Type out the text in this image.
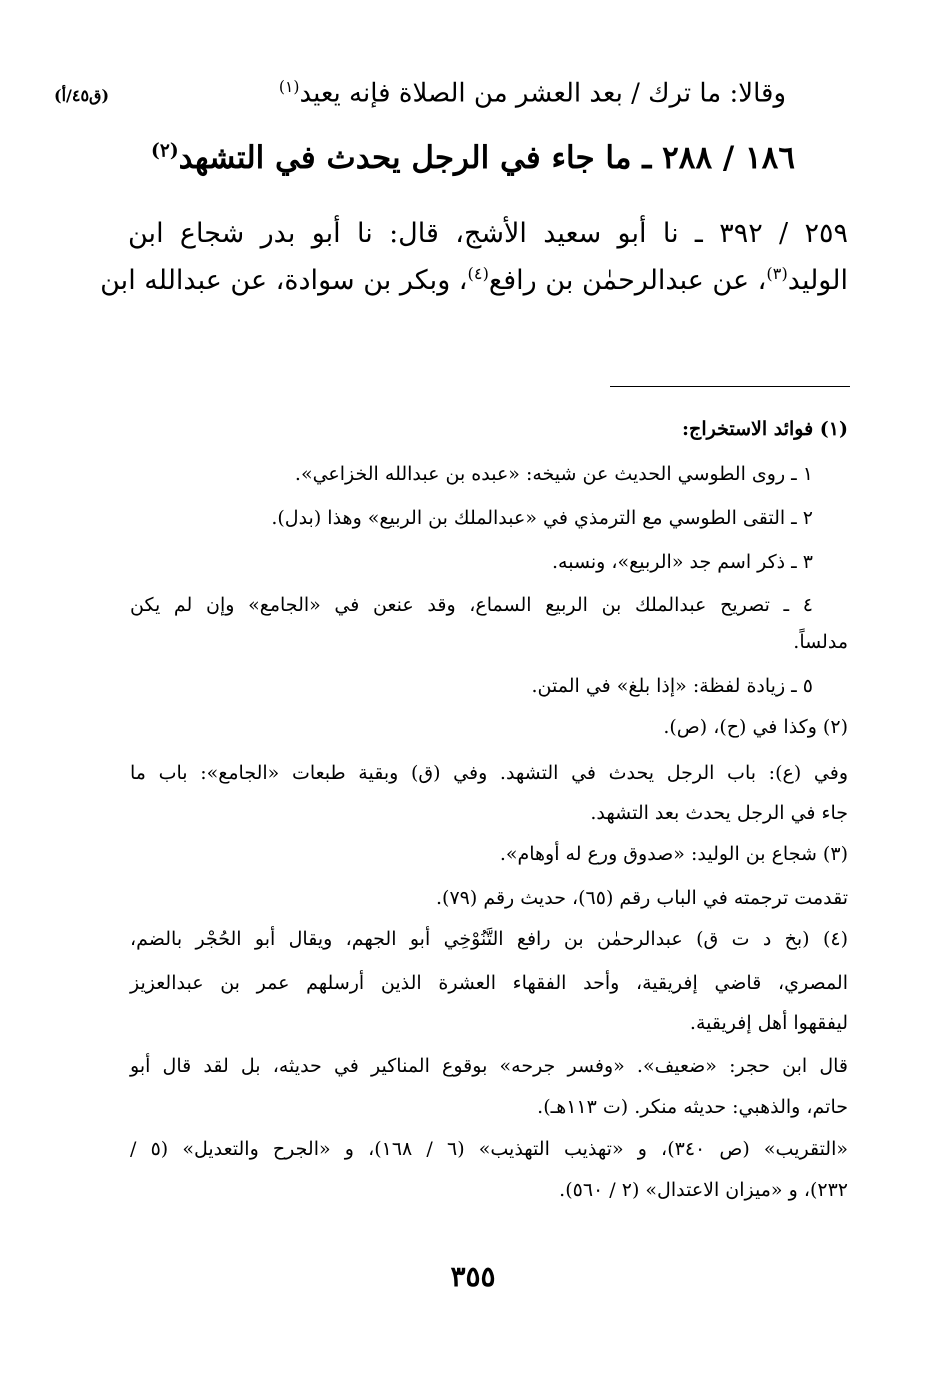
(ق٤٥/أ)	وقالا: ما ترك / بعد العشر من الصلاة فإنه يعيد$^{(١)}$
١٨٦ / ٢٨٨ ـ ما جاء في الرجل يحدث في التشهد$^{(٢)}$
٢٥٩ / ٣٩٢ ـ نا أبو سعيد الأشج، قال: نا أبو بدر شجاع ابن
الوليد$^{(٣)}$، عن عبدالرحمٰن بن رافع$^{(٤)}$، وبكر بن سوادة، عن عبدالله ابن
(١) فوائد الاستخراج:
١ ـ روى الطوسي الحديث عن شيخه: «عبده بن عبدالله الخزاعي».
٢ ـ التقى الطوسي مع الترمذي في «عبدالملك بن الربيع» وهذا (بدل).
٣ ـ ذكر اسم جد «الربيع»، ونسبه.
٤ ـ تصريح عبدالملك بن الربيع السماع، وقد عنعن في «الجامع» وإن لم يكن
مدلساً.
٥ ـ زيادة لفظة: «إذا بلغ» في المتن.
(٢) وكذا في (ح)، (ص).
وفي (ع): باب الرجل يحدث في التشهد. وفي (ق) وبقية طبعات «الجامع»: باب ما
جاء في الرجل يحدث بعد التشهد.
(٣) شجاع بن الوليد: «صدوق ورع له أوهام».
تقدمت ترجمته في الباب رقم (٦٥)، حديث رقم (٧٩).
(٤) (بخ د ت ق) عبدالرحمٰن بن رافع التَّنُوْخِي أبو الجهم، ويقال أبو الحُجْر بالضم،
المصري، قاضي إفريقية، وأحد الفقهاء العشرة الذين أرسلهم عمر بن عبدالعزيز
ليفقهوا أهل إفريقية.
قال ابن حجر: «ضعيف». «وفسر جرحه» بوقوع المناكير في حديثه، بل لقد قال أبو
حاتم، والذهبي: حديثه منكر. (ت ١١٣هـ).
«التقريب» (ص ٣٤٠)، و «تهذيب التهذيب» (٦ / ١٦٨)، و «الجرح والتعديل» (٥ /
٢٣٢)، و «ميزان الاعتدال» (٢ / ٥٦٠).
٣٥٥
